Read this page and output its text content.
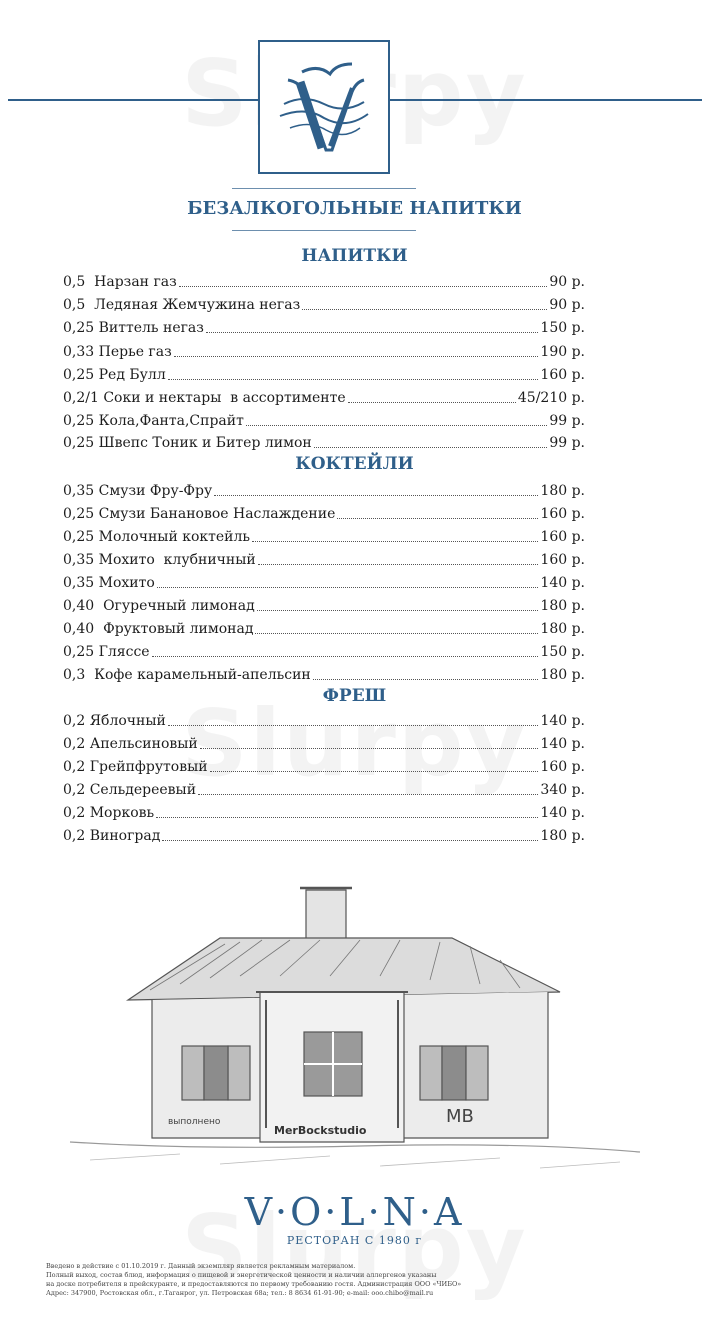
БЕЗАЛКОГОЛЬНЫЕ НАПИТКИ
НАПИТКИ
0,5  Нарзан газ	90 р.
0,5  Ледяная Жемчужина негаз	90 р.
0,25 Виттель негаз	150 р.
0,33 Перье газ	190 р.
0,25 Ред Булл	160 р.
0,2/1 Соки и нектары  в ассортименте	45/210 р.
0,25 Кола,Фанта,Спрайт	99 р.
0,25 Швепс Тоник и Битер лимон	99 р.
КОКТЕЙЛИ
0,35 Смузи Фру-Фру	180 р.
0,25 Смузи Банановое Наслаждение	160 р.
0,25 Молочный коктейль	160 р.
0,35 Мохито  клубничный	160 р.
0,35 Мохито	140 р.
0,40  Огуречный лимонад	180 р.
0,40  Фруктовый лимонад	180 р.
0,25 Гляссе	150 р.
0,3  Кофе карамельный-апельсин	180 р.
ФРЕШ
0,2 Яблочный	140 р.
0,2 Апельсиновый	140 р.
0,2 Грейпфрутовый	160 р.
0,2 Сельдереевый	340 р.
0,2 Морковь	140 р.
0,2 Виноград	180 р.
выполнено
MerBockstudio
MB
V·O·L·N·A
РЕСТОРАН С 1980 г
Введено в действие с 01.10.2019 г. Данный экземпляр является рекламным материалом.
Полный выход, состав блюд, информация о пищевой и энергетической ценности и наличии аллергенов указаны
на доске потребителя в прейскуранте, и предоставляются по первому требованию гостя. Администрация ООО «ЧИБО»
Адрес: 347900, Ростовская обл., г.Таганрог, ул. Петровская 68а; тел.: 8 8634 61-91-90; e-mail: ooo.chibo@mail.ru
